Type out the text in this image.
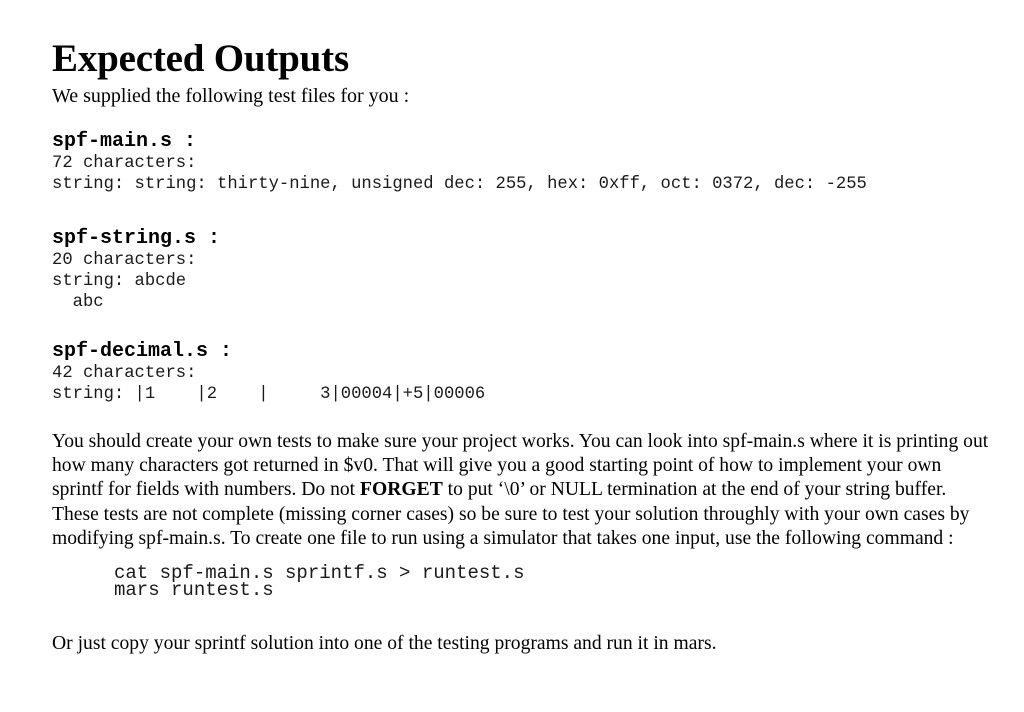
Expected Outputs

We supplied the following test files for you :

spf-main.s :
72 characters:
string: string: thirty-nine, unsigned dec: 255, hex: 0xff, oct: 0372, dec: -255
spf-string.s :
20 characters:
string: abcde
abc
spf-decimal.s :
42 characters:
string: |1    |2    |     3|00004|+5|00006

You should create your own tests to make sure your project works. You can look into spf-main.s where it is printing out how many characters got returned in $v0. That will give you a good starting point of how to implement your own sprintf for fields with numbers. Do not FORGET to put ‘\0’ or NULL termination at the end of your string buffer. These tests are not complete (missing corner cases) so be sure to test your solution throughly with your own cases by modifying spf-main.s. To create one file to run using a simulator that takes one input, use the following command :

cat spf-main.s sprintf.s > runtest.s
mars runtest.s

Or just copy your sprintf solution into one of the testing programs and run it in mars.
